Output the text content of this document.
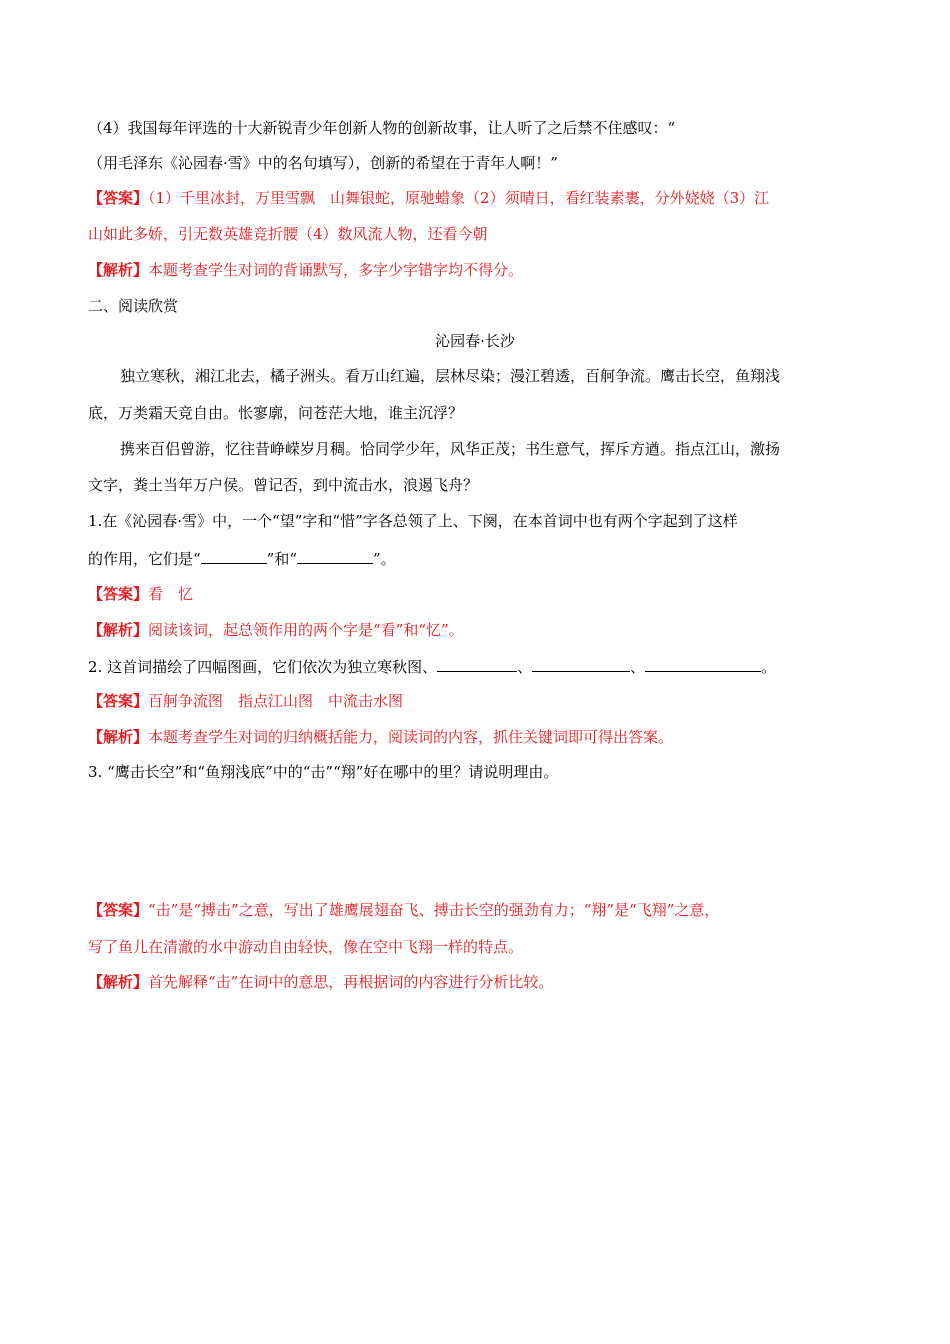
（4）我国每年评选的十大新锐青少年创新人物的创新故事，让人听了之后禁不住感叹：“
（用毛泽东《沁园春·雪》中的名句填写），创新的希望在于青年人啊！”
【答案】（1）千里冰封，万里雪飘　山舞银蛇，原驰蜡象（2）须晴日，看红装素裹，分外娆娆（3）江
山如此多娇，引无数英雄竞折腰（4）数风流人物，还看今朝
【解析】本题考查学生对词的背诵默写，多字少字错字均不得分。
二、阅读欣赏
沁园春·长沙
独立寒秋，湘江北去，橘子洲头。看万山红遍，层林尽染；漫江碧透，百舸争流。鹰击长空，鱼翔浅
底，万类霜天竞自由。怅寥廓，问苍茫大地，谁主沉浮？
携来百侣曾游，忆往昔峥嵘岁月稠。恰同学少年，风华正茂；书生意气，挥斥方遒。指点江山，激扬
文字，粪土当年万户侯。曾记否，到中流击水，浪遏飞舟？
1.在《沁园春·雪》中，一个“望”字和“惜”字各总领了上、下阕，在本首词中也有两个字起到了这样
的作用，它们是“	”和“	”。
【答案】看　忆
【解析】阅读该词，起总领作用的两个字是“看”和“忆”。
2. 这首词描绘了四幅图画，它们依次为独立寒秋图、	、	、	。
【答案】百舸争流图　指点江山图　中流击水图
【解析】本题考查学生对词的归纳概括能力，阅读词的内容，抓住关键词即可得出答案。
3. “鹰击长空”和“鱼翔浅底”中的“击”“翔”好在哪中的里？请说明理由。
【答案】“击”是“搏击”之意，写出了雄鹰展翅奋飞、搏击长空的强劲有力；“翔”是“飞翔”之意，
写了鱼儿在清澈的水中游动自由轻快，像在空中飞翔一样的特点。
【解析】首先解释“击”在词中的意思，再根据词的内容进行分析比较。
